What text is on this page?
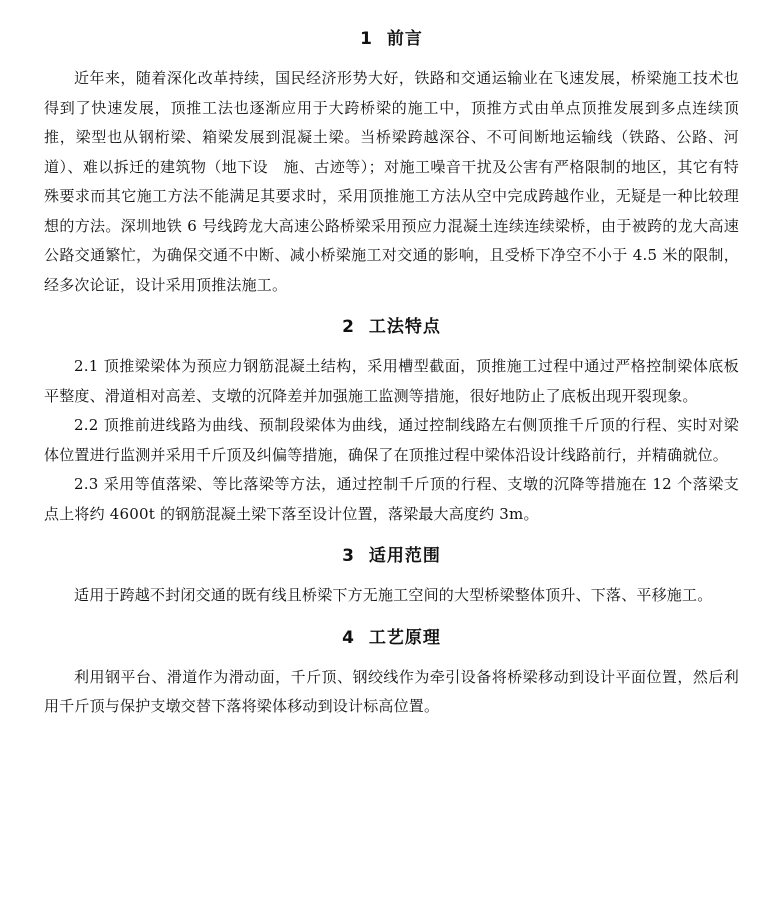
1 前言

近年来，随着深化改革持续，国民经济形势大好，铁路和交通运输业在飞速发展，桥梁施工技术也得到了快速发展，顶推工法也逐渐应用于大跨桥梁的施工中，顶推方式由单点顶推发展到多点连续顶推，梁型也从钢桁梁、箱梁发展到混凝土梁。当桥梁跨越深谷、不可间断地运输线（铁路、公路、河道）、难以拆迁的建筑物（地下设　施、古迹等）；对施工噪音干扰及公害有严格限制的地区，其它有特殊要求而其它施工方法不能满足其要求时，采用顶推施工方法从空中完成跨越作业，无疑是一种比较理想的方法。深圳地铁 6 号线跨龙大高速公路桥梁采用预应力混凝土连续连续梁桥，由于被跨的龙大高速公路交通繁忙，为确保交通不中断、减小桥梁施工对交通的影响，且受桥下净空不小于 4.5 米的限制，经多次论证，设计采用顶推法施工。

2 工法特点

2.1 顶推梁梁体为预应力钢筋混凝土结构，采用槽型截面，顶推施工过程中通过严格控制梁体底板平整度、滑道相对高差、支墩的沉降差并加强施工监测等措施，很好地防止了底板出现开裂现象。

2.2 顶推前进线路为曲线、预制段梁体为曲线，通过控制线路左右侧顶推千斤顶的行程、实时对梁体位置进行监测并采用千斤顶及纠偏等措施，确保了在顶推过程中梁体沿设计线路前行，并精确就位。

2.3 采用等值落梁、等比落梁等方法，通过控制千斤顶的行程、支墩的沉降等措施在 12 个落梁支点上将约 4600t 的钢筋混凝土梁下落至设计位置，落梁最大高度约 3m。

3 适用范围

适用于跨越不封闭交通的既有线且桥梁下方无施工空间的大型桥梁整体顶升、下落、平移施工。

4 工艺原理

利用钢平台、滑道作为滑动面，千斤顶、钢绞线作为牵引设备将桥梁移动到设计平面位置，然后利用千斤顶与保护支墩交替下落将梁体移动到设计标高位置。
